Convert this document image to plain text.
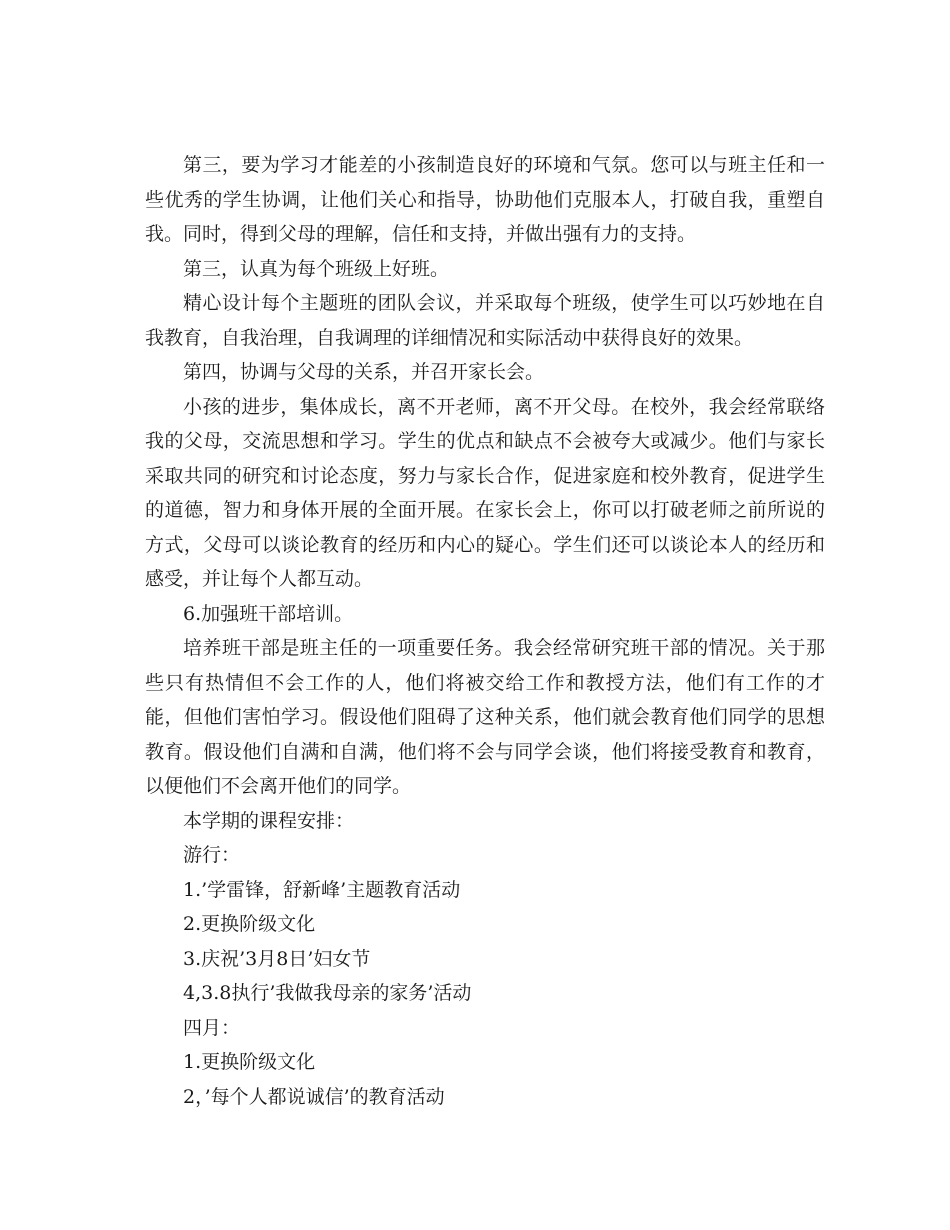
第三，要为学习才能差的小孩制造良好的环境和气氛。您可以与班主任和一些优秀的学生协调，让他们关心和指导，协助他们克服本人，打破自我，重塑自我。同时，得到父母的理解，信任和支持，并做出强有力的支持。

第三，认真为每个班级上好班。

精心设计每个主题班的团队会议，并采取每个班级，使学生可以巧妙地在自我教育，自我治理，自我调理的详细情况和实际活动中获得良好的效果。

第四，协调与父母的关系，并召开家长会。

小孩的进步，集体成长，离不开老师，离不开父母。在校外，我会经常联络我的父母，交流思想和学习。学生的优点和缺点不会被夸大或减少。他们与家长采取共同的研究和讨论态度，努力与家长合作，促进家庭和校外教育，促进学生的道德，智力和身体开展的全面开展。在家长会上，你可以打破老师之前所说的方式，父母可以谈论教育的经历和内心的疑心。学生们还可以谈论本人的经历和感受，并让每个人都互动。

6.加强班干部培训。

培养班干部是班主任的一项重要任务。我会经常研究班干部的情况。关于那些只有热情但不会工作的人，他们将被交给工作和教授方法，他们有工作的才能，但他们害怕学习。假设他们阻碍了这种关系，他们就会教育他们同学的思想教育。假设他们自满和自满，他们将不会与同学会谈，他们将接受教育和教育，以便他们不会离开他们的同学。

本学期的课程安排：

游行：

1.’学雷锋，舒新峰’主题教育活动

2.更换阶级文化

3.庆祝’3月8日’妇女节

4,3.8执行’我做我母亲的家务’活动

四月：

1.更换阶级文化

2，’每个人都说诚信’的教育活动
